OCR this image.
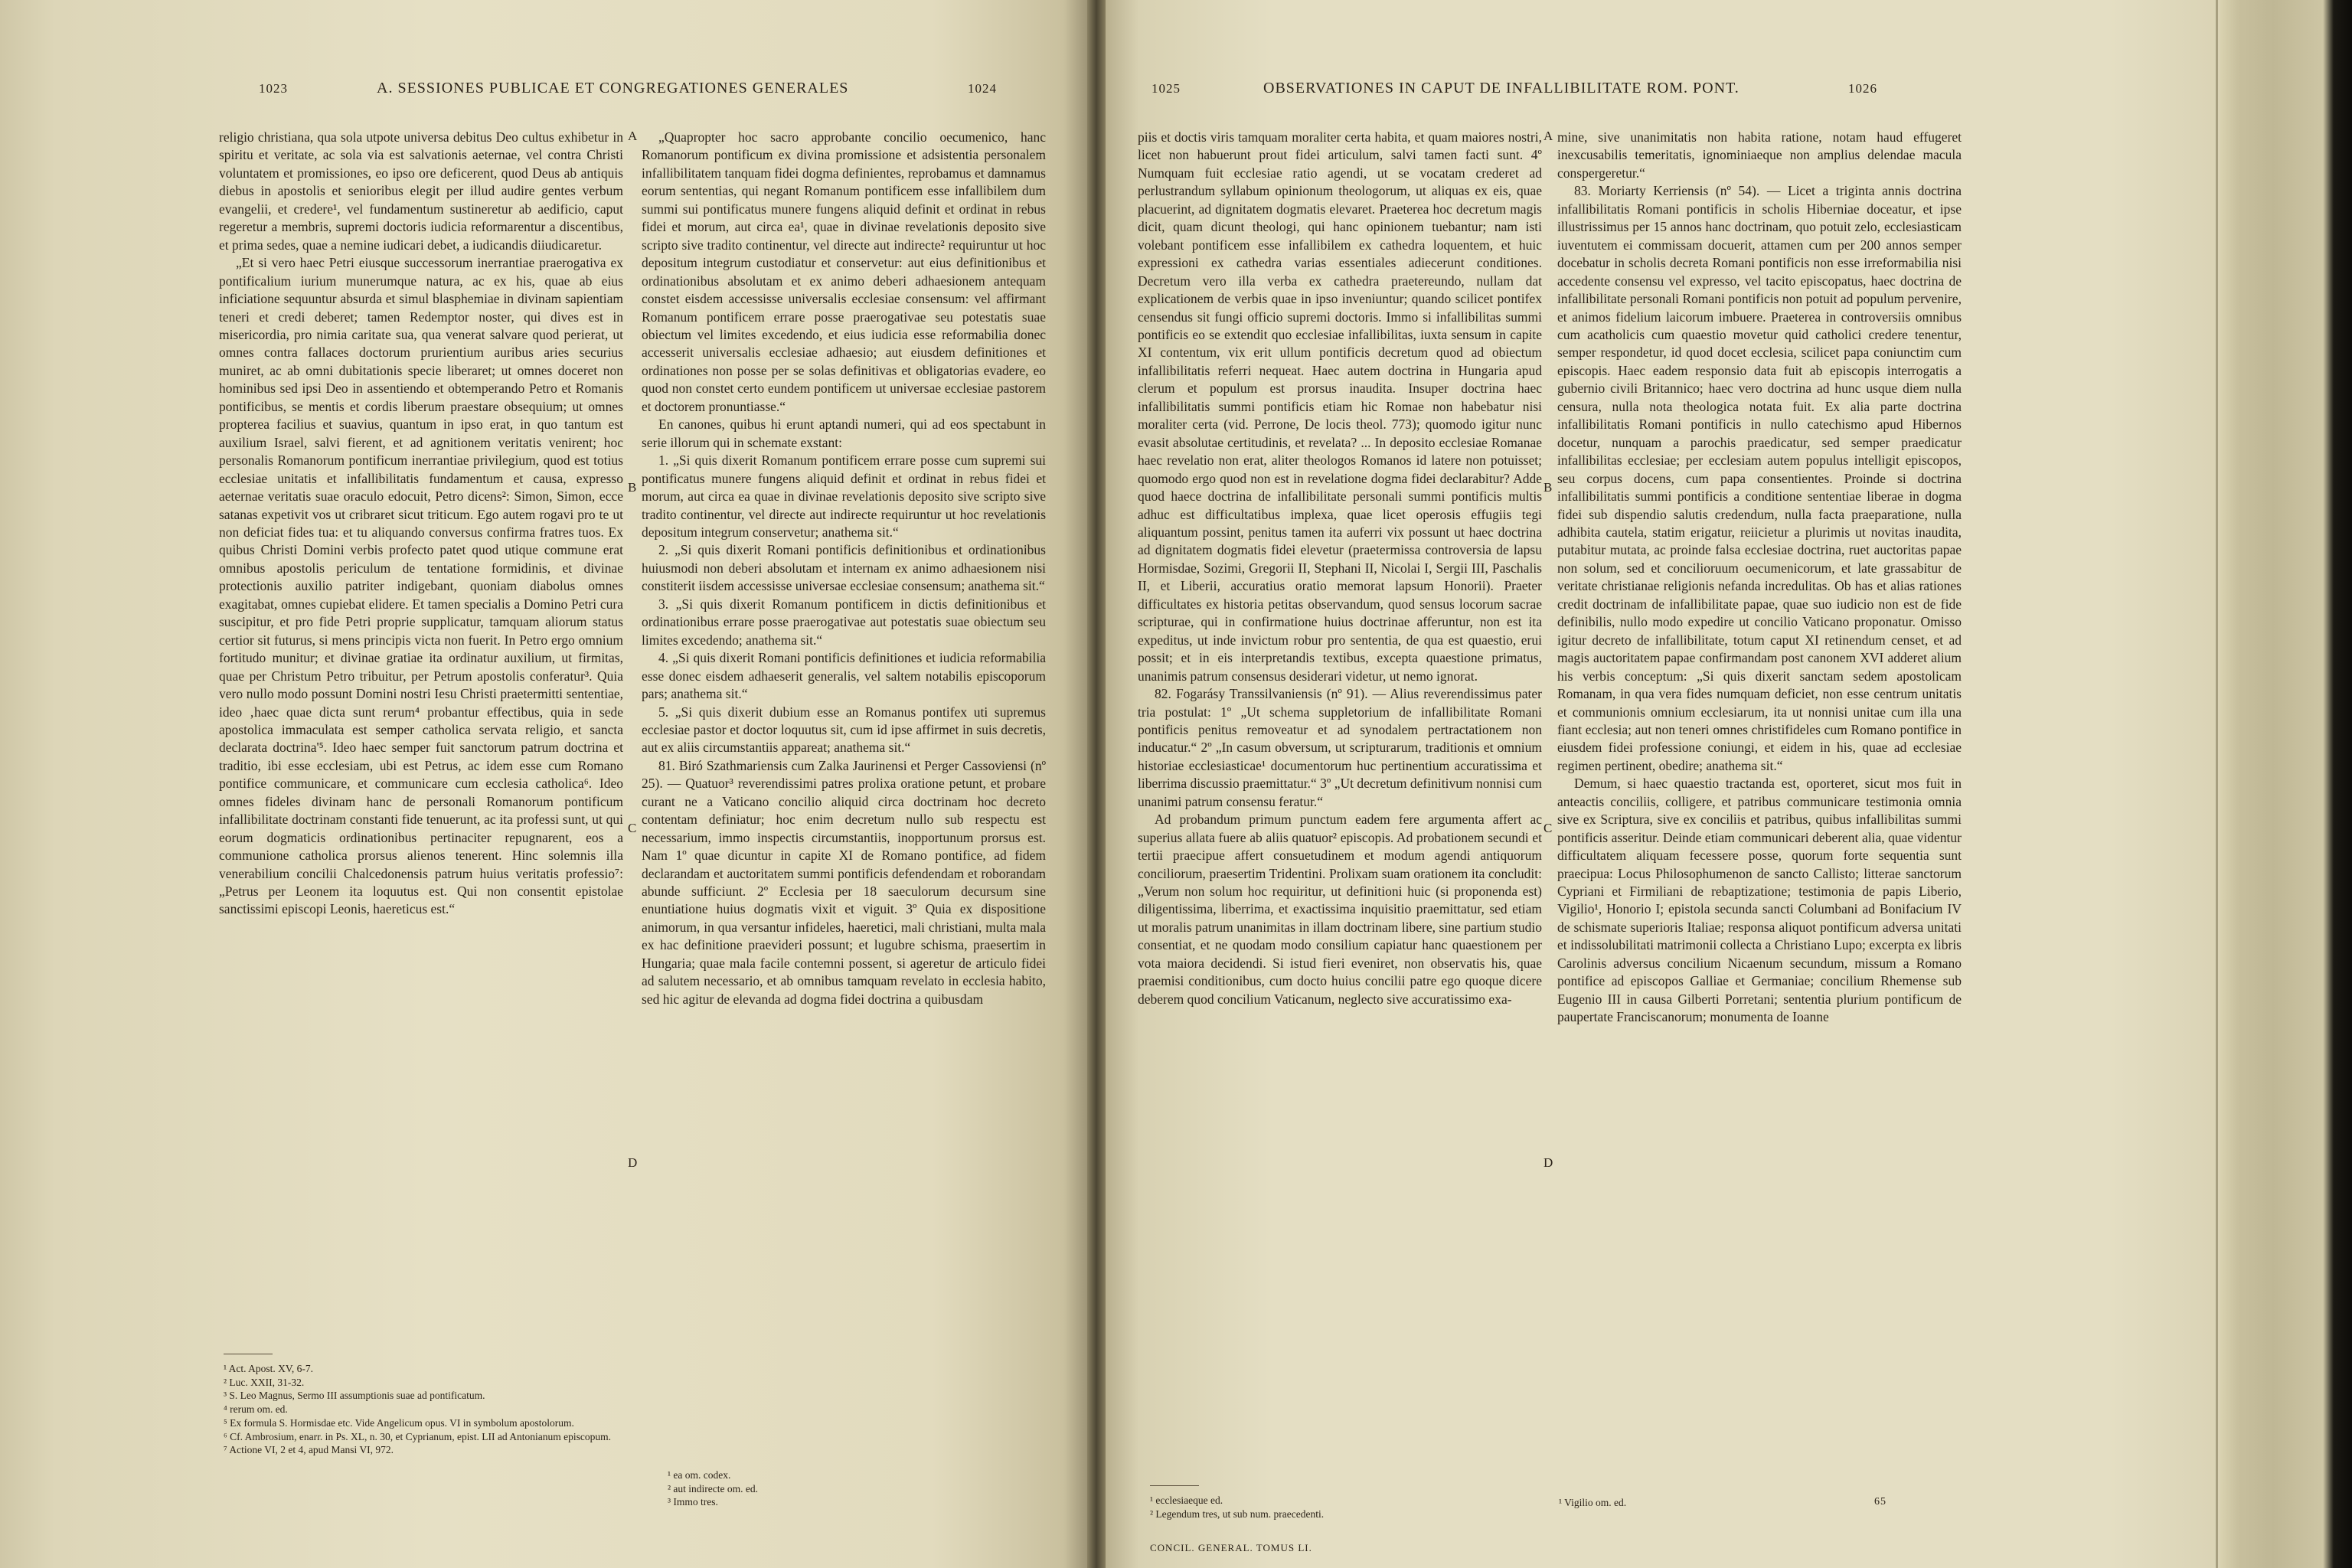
1023	A. SESSIONES PUBLICAE ET CONGREGATIONES GENERALES	1024

religio christiana, qua sola utpote universa debitus Deo cultus exhibetur in spiritu et veritate, ac sola via est salvationis aeternae, vel contra Christi voluntatem et promissiones, eo ipso ore deficerent, quod Deus ab antiquis diebus in apostolis et senioribus elegit per illud audire gentes verbum evangelii, et credere¹, vel fundamentum sustineretur ab aedificio, caput regeretur a membris, supremi doctoris iudicia reformarentur a discentibus, et prima sedes, quae a nemine iudicari debet, a iudicandis diiudicaretur.

„Et si vero haec Petri eiusque successorum inerrantiae praerogativa ex pontificalium iurium munerumque natura, ac ex his, quae ab eius inficiatione sequuntur absurda et simul blasphemiae in divinam sapientiam teneri et credi deberet; tamen Redemptor noster, qui dives est in misericordia, pro nimia caritate sua, qua venerat salvare quod perierat, ut omnes contra fallaces doctorum prurientium auribus aries securius muniret, ac ab omni dubitationis specie liberaret; ut omnes doceret non hominibus sed ipsi Deo in assentiendo et obtemperando Petro et Romanis pontificibus, se mentis et cordis liberum praestare obsequium; ut omnes propterea facilius et suavius, quantum in ipso erat, in quo tantum est auxilium Israel, salvi fierent, et ad agnitionem veritatis venirent; hoc personalis Romanorum pontificum inerrantiae privilegium, quod est totius ecclesiae unitatis et infallibilitatis fundamentum et causa, expresso aeternae veritatis suae oraculo edocuit, Petro dicens²: Simon, Simon, ecce satanas expetivit vos ut cribraret sicut triticum. Ego autem rogavi pro te ut non deficiat fides tua: et tu aliquando conversus confirma fratres tuos. Ex quibus Christi Domini verbis profecto patet quod utique commune erat omnibus apostolis periculum de tentatione formidinis, et divinae protectionis auxilio patriter indigebant, quoniam diabolus omnes exagitabat, omnes cupiebat elidere. Et tamen specialis a Domino Petri cura suscipitur, et pro fide Petri proprie supplicatur, tamquam aliorum status certior sit futurus, si mens principis victa non fuerit. In Petro ergo omnium fortitudo munitur; et divinae gratiae ita ordinatur auxilium, ut firmitas, quae per Christum Petro tribuitur, per Petrum apostolis conferatur³. Quia vero nullo modo possunt Domini nostri Iesu Christi praetermitti sententiae, ideo ‚haec quae dicta sunt rerum⁴ probantur effectibus, quia in sede apostolica immaculata est semper catholica servata religio, et sancta declarata doctrina'⁵. Ideo haec semper fuit sanctorum patrum doctrina et traditio, ibi esse ecclesiam, ubi est Petrus, ac idem esse cum Romano pontifice communicare, et communicare cum ecclesia catholica⁶. Ideo omnes fideles divinam hanc de personali Romanorum pontificum infallibilitate doctrinam constanti fide tenuerunt, ac ita professi sunt, ut qui eorum dogmaticis ordinationibus pertinaciter repugnarent, eos a communione catholica prorsus alienos tenerent. Hinc solemnis illa venerabilium concilii Chalcedonensis patrum huius veritatis professio⁷: „Petrus per Leonem ita loquutus est. Qui non consentit epistolae sanctissimi episcopi Leonis, haereticus est.“

A
B
C
D

„Quapropter hoc sacro approbante concilio oecumenico, hanc Romanorum pontificum ex divina promissione et adsistentia personalem infallibilitatem tanquam fidei dogma definientes, reprobamus et damnamus eorum sententias, qui negant Romanum pontificem esse infallibilem dum summi sui pontificatus munere fungens aliquid definit et ordinat in rebus fidei et morum, aut circa ea¹, quae in divinae revelationis deposito sive scripto sive tradito continentur, vel directe aut indirecte² requiruntur ut hoc depositum integrum custodiatur et conservetur: aut eius definitionibus et ordinationibus absolutam et ex animo deberi adhaesionem antequam constet eisdem accessisse universalis ecclesiae consensum: vel affirmant Romanum pontificem errare posse praerogativae seu potestatis suae obiectum vel limites excedendo, et eius iudicia esse reformabilia donec accesserit universalis ecclesiae adhaesio; aut eiusdem definitiones et ordinationes non posse per se solas definitivas et obligatorias evadere, eo quod non constet certo eundem pontificem ut universae ecclesiae pastorem et doctorem pronuntiasse.“

En canones, quibus hi erunt aptandi numeri, qui ad eos spectabunt in serie illorum qui in schemate exstant:

1. „Si quis dixerit Romanum pontificem errare posse cum supremi sui pontificatus munere fungens aliquid definit et ordinat in rebus fidei et morum, aut circa ea quae in divinae revelationis deposito sive scripto sive tradito continentur, vel directe aut indirecte requiruntur ut hoc revelationis depositum integrum conservetur; anathema sit.“

2. „Si quis dixerit Romani pontificis definitionibus et ordinationibus huiusmodi non deberi absolutam et internam ex animo adhaesionem nisi constiterit iisdem accessisse universae ecclesiae consensum; anathema sit.“

3. „Si quis dixerit Romanum pontificem in dictis definitionibus et ordinationibus errare posse praerogativae aut potestatis suae obiectum seu limites excedendo; anathema sit.“

4. „Si quis dixerit Romani pontificis definitiones et iudicia reformabilia esse donec eisdem adhaeserit generalis, vel saltem notabilis episcoporum pars; anathema sit.“

5. „Si quis dixerit dubium esse an Romanus pontifex uti supremus ecclesiae pastor et doctor loquutus sit, cum id ipse affirmet in suis decretis, aut ex aliis circumstantiis appareat; anathema sit.“

81. Biró Szathmariensis cum Zalka Jaurinensi et Perger Cassoviensi (nº 25). — Quatuor³ reverendissimi patres prolixa oratione petunt, et probare curant ne a Vaticano concilio aliquid circa doctrinam hoc decreto contentam definiatur; hoc enim decretum nullo sub respectu est necessarium, immo inspectis circumstantiis, inopportunum prorsus est. Nam 1º quae dicuntur in capite XI de Romano pontifice, ad fidem declarandam et auctoritatem summi pontificis defendendam et roborandam abunde sufficiunt. 2º Ecclesia per 18 saeculorum decursum sine enuntiatione huius dogmatis vixit et viguit. 3º Quia ex dispositione animorum, in qua versantur infideles, haeretici, mali christiani, multa mala ex hac definitione praevideri possunt; et lugubre schisma, praesertim in Hungaria; quae mala facile contemni possent, si ageretur de articulo fidei ad salutem necessario, et ab omnibus tamquam revelato in ecclesia habito, sed hic agitur de elevanda ad dogma fidei doctrina a quibusdam

¹ Act. Apost. XV, 6-7.
² Luc. XXII, 31-32.
³ S. Leo Magnus, Sermo III assumptionis suae ad pontificatum.
⁴ rerum om. ed.
⁵ Ex formula S. Hormisdae etc. Vide Angelicum opus. VI in symbolum apostolorum.
⁶ Cf. Ambrosium, enarr. in Ps. XL, n. 30, et Cyprianum, epist. LII ad Antonianum episcopum.
⁷ Actione VI, 2 et 4, apud Mansi VI, 972.
¹ ea om. codex.
² aut indirecte om. ed.
³ Immo tres.
1025	OBSERVATIONES IN CAPUT DE INFALLIBILITATE ROM. PONT.	1026

piis et doctis viris tamquam moraliter certa habita, et quam maiores nostri, licet non habuerunt prout fidei articulum, salvi tamen facti sunt. 4º Numquam fuit ecclesiae ratio agendi, ut se vocatam crederet ad perlustrandum syllabum opinionum theologorum, ut aliquas ex eis, quae placuerint, ad dignitatem dogmatis elevaret. Praeterea hoc decretum magis dicit, quam dicunt theologi, qui hanc opinionem tuebantur; nam isti volebant pontificem esse infallibilem ex cathedra loquentem, et huic expressioni ex cathedra varias essentiales adiecerunt conditiones. Decretum vero illa verba ex cathedra praetereundo, nullam dat explicationem de verbis quae in ipso inveniuntur; quando scilicet pontifex censendus sit fungi officio supremi doctoris. Immo si infallibilitas summi pontificis eo se extendit quo ecclesiae infallibilitas, iuxta sensum in capite XI contentum, vix erit ullum pontificis decretum quod ad obiectum infallibilitatis referri nequeat. Haec autem doctrina in Hungaria apud clerum et populum est prorsus inaudita. Insuper doctrina haec infallibilitatis summi pontificis etiam hic Romae non habebatur nisi moraliter certa (vid. Perrone, De locis theol. 773); quomodo igitur nunc evasit absolutae certitudinis, et revelata? ... In deposito ecclesiae Romanae haec revelatio non erat, aliter theologos Romanos id latere non potuisset; quomodo ergo quod non est in revelatione dogma fidei declarabitur? Adde quod haece doctrina de infallibilitate personali summi pontificis multis adhuc est difficultatibus implexa, quae licet operosis effugiis tegi aliquantum possint, penitus tamen ita auferri vix possunt ut haec doctrina ad dignitatem dogmatis fidei elevetur (praetermissa controversia de lapsu Hormisdae, Sozimi, Gregorii II, Stephani II, Nicolai I, Sergii III, Paschalis II, et Liberii, accuratius oratio memorat lapsum Honorii). Praeter difficultates ex historia petitas observandum, quod sensus locorum sacrae scripturae, qui in confirmatione huius doctrinae afferuntur, non est ita expeditus, ut inde invictum robur pro sententia, de qua est quaestio, erui possit; et in eis interpretandis textibus, excepta quaestione primatus, unanimis patrum consensus desiderari videtur, ut nemo ignorat.

82. Fogarásy Transsilvaniensis (nº 91). — Alius reverendissimus pater tria postulat: 1º „Ut schema suppletorium de infallibilitate Romani pontificis penitus removeatur et ad synodalem pertractationem non inducatur.“ 2º „In casum obversum, ut scripturarum, traditionis et omnium historiae ecclesiasticae¹ documentorum huc pertinentium accuratissima et liberrima discussio praemittatur.“ 3º „Ut decretum definitivum nonnisi cum unanimi patrum consensu feratur.“

Ad probandum primum punctum eadem fere argumenta affert ac superius allata fuere ab aliis quatuor² episcopis. Ad probationem secundi et tertii praecipue affert consuetudinem et modum agendi antiquorum conciliorum, praesertim Tridentini. Prolixam suam orationem ita concludit: „Verum non solum hoc requiritur, ut definitioni huic (si proponenda est) diligentissima, liberrima, et exactissima inquisitio praemittatur, sed etiam ut moralis patrum unanimitas in illam doctrinam libere, sine partium studio consentiat, et ne quodam modo consilium capiatur hanc quaestionem per vota maiora decidendi. Si istud fieri eveniret, non observatis his, quae praemisi conditionibus, cum docto huius concilii patre ego quoque dicere deberem quod concilium Vaticanum, neglecto sive accuratissimo exa-

A
B
C
D

mine, sive unanimitatis non habita ratione, notam haud effugeret inexcusabilis temeritatis, ignominiaeque non amplius delendae macula conspergeretur.“

83. Moriarty Kerriensis (nº 54). — Licet a triginta annis doctrina infallibilitatis Romani pontificis in scholis Hiberniae doceatur, et ipse illustrissimus per 15 annos hanc doctrinam, quo potuit zelo, ecclesiasticam iuventutem ei commissam docuerit, attamen cum per 200 annos semper docebatur in scholis decreta Romani pontificis non esse irreformabilia nisi accedente consensu vel expresso, vel tacito episcopatus, haec doctrina de infallibilitate personali Romani pontificis non potuit ad populum pervenire, et animos fidelium laicorum imbuere. Praeterea in controversiis omnibus cum acatholicis cum quaestio movetur quid catholici credere tenentur, semper respondetur, id quod docet ecclesia, scilicet papa coniunctim cum episcopis. Haec eadem responsio data fuit ab episcopis interrogatis a gubernio civili Britannico; haec vero doctrina ad hunc usque diem nulla censura, nulla nota theologica notata fuit. Ex alia parte doctrina infallibilitatis Romani pontificis in nullo catechismo apud Hibernos docetur, nunquam a parochis praedicatur, sed semper praedicatur infallibilitas ecclesiae; per ecclesiam autem populus intelligit episcopos, seu corpus docens, cum papa consentientes. Proinde si doctrina infallibilitatis summi pontificis a conditione sententiae liberae in dogma fidei sub dispendio salutis credendum, nulla facta praeparatione, nulla adhibita cautela, statim erigatur, reiicietur a plurimis ut novitas inaudita, putabitur mutata, ac proinde falsa ecclesiae doctrina, ruet auctoritas papae non solum, sed et concilioruum oecumenicorum, et late grassabitur de veritate christianae religionis nefanda incredulitas. Ob has et alias rationes credit doctrinam de infallibilitate papae, quae suo iudicio non est de fide definibilis, nullo modo expedire ut concilio Vaticano proponatur. Omisso igitur decreto de infallibilitate, totum caput XI retinendum censet, et ad magis auctoritatem papae confirmandam post canonem XVI adderet alium his verbis conceptum: „Si quis dixerit sanctam sedem apostolicam Romanam, in qua vera fides numquam deficiet, non esse centrum unitatis et communionis omnium ecclesiarum, ita ut nonnisi unitae cum illa una fiant ecclesia; aut non teneri omnes christifideles cum Romano pontifice in eiusdem fidei professione coniungi, et eidem in his, quae ad ecclesiae regimen pertinent, obedire; anathema sit.“

Demum, si haec quaestio tractanda est, oporteret, sicut mos fuit in anteactis conciliis, colligere, et patribus communicare testimonia omnia sive ex Scriptura, sive ex conciliis et patribus, quibus infallibilitas summi pontificis asseritur. Deinde etiam communicari deberent alia, quae videntur difficultatem aliquam fecessere posse, quorum forte sequentia sunt praecipua: Locus Philosophumenon de sancto Callisto; litterae sanctorum Cypriani et Firmiliani de rebaptizatione; testimonia de papis Liberio, Vigilio¹, Honorio I; epistola secunda sancti Columbani ad Bonifacium IV de schismate superioris Italiae; responsa aliquot pontificum adversa unitati et indissolubilitati matrimonii collecta a Christiano Lupo; excerpta ex libris Carolinis adversus concilium Nicaenum secundum, missum a Romano pontifice ad episcopos Galliae et Germaniae; concilium Rhemense sub Eugenio III in causa Gilberti Porretani; sententia plurium pontificum de paupertate Franciscanorum; monumenta de Ioanne

¹ ecclesiaeque ed.
² Legendum tres, ut sub num. praecedenti.
CONCIL. GENERAL. TOMUS LI.
¹ Vigilio om. ed.	65
